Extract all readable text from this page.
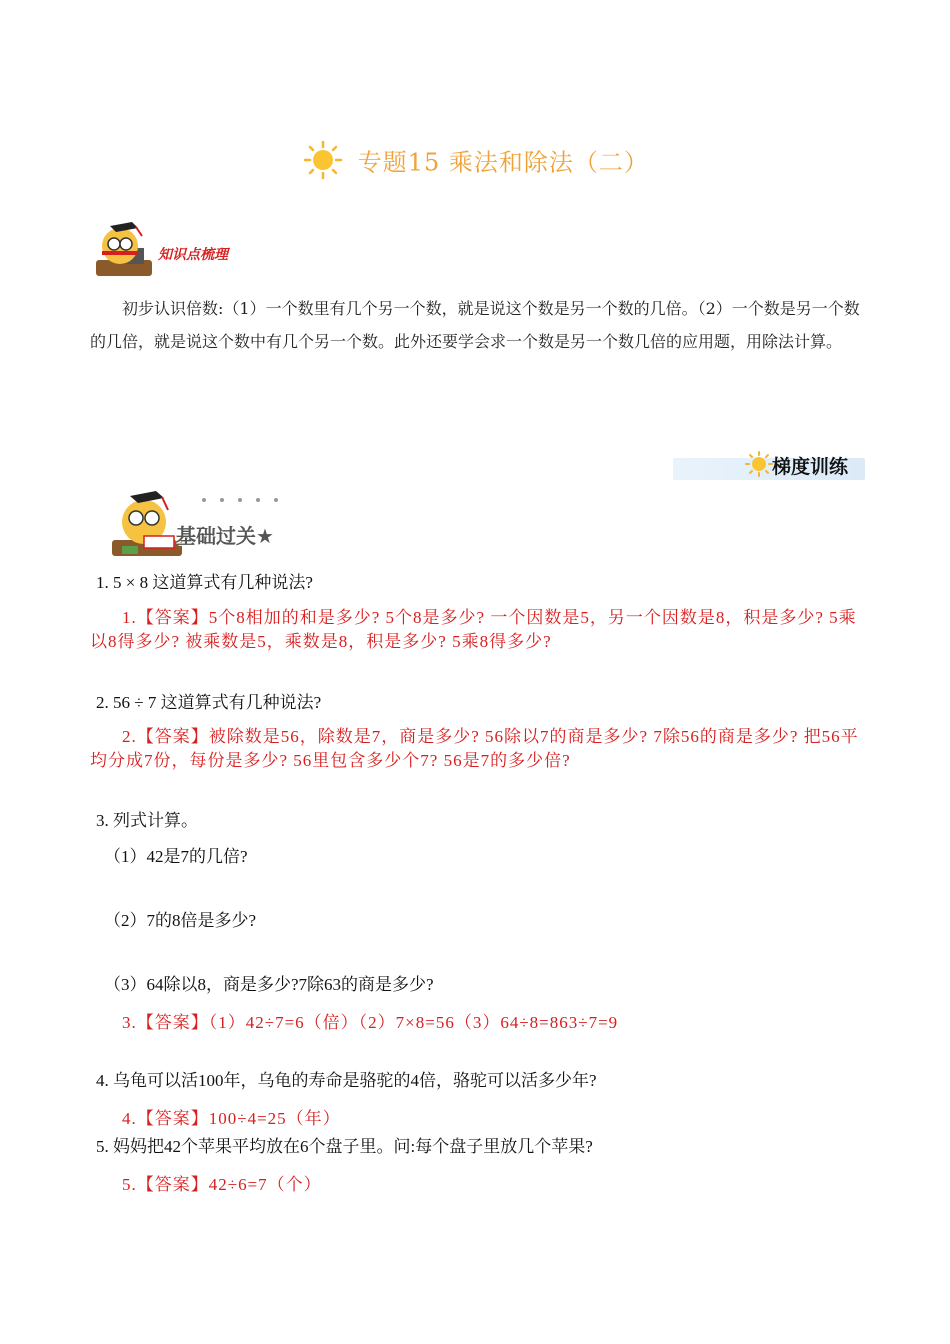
专题15 乘法和除法（二）
知识点梳理
初步认识倍数:（1）一个数里有几个另一个数，就是说这个数是另一个数的几倍。（2）一个数是另一个数的几倍，就是说这个数中有几个另一个数。此外还要学会求一个数是另一个数几倍的应用题，用除法计算。
梯度训练
基础过关★
1. 5 × 8 这道算式有几种说法?
1.【答案】5个8相加的和是多少? 5个8是多少? 一个因数是5，另一个因数是8，积是多少? 5乘以8得多少? 被乘数是5，乘数是8，积是多少? 5乘8得多少?
2. 56 ÷ 7 这道算式有几种说法?
2.【答案】被除数是56，除数是7，商是多少? 56除以7的商是多少? 7除56的商是多少? 把56平均分成7份，每份是多少? 56里包含多少个7? 56是7的多少倍?
3. 列式计算。
（1）42是7的几倍?
（2）7的8倍是多少?
（3）64除以8，商是多少?7除63的商是多少?
3.【答案】（1）42÷7=6（倍）（2）7×8=56（3）64÷8=863÷7=9
4. 乌龟可以活100年，乌龟的寿命是骆驼的4倍，骆驼可以活多少年?
4.【答案】100÷4=25（年）
5. 妈妈把42个苹果平均放在6个盘子里。问:每个盘子里放几个苹果?
5.【答案】42÷6=7（个）
